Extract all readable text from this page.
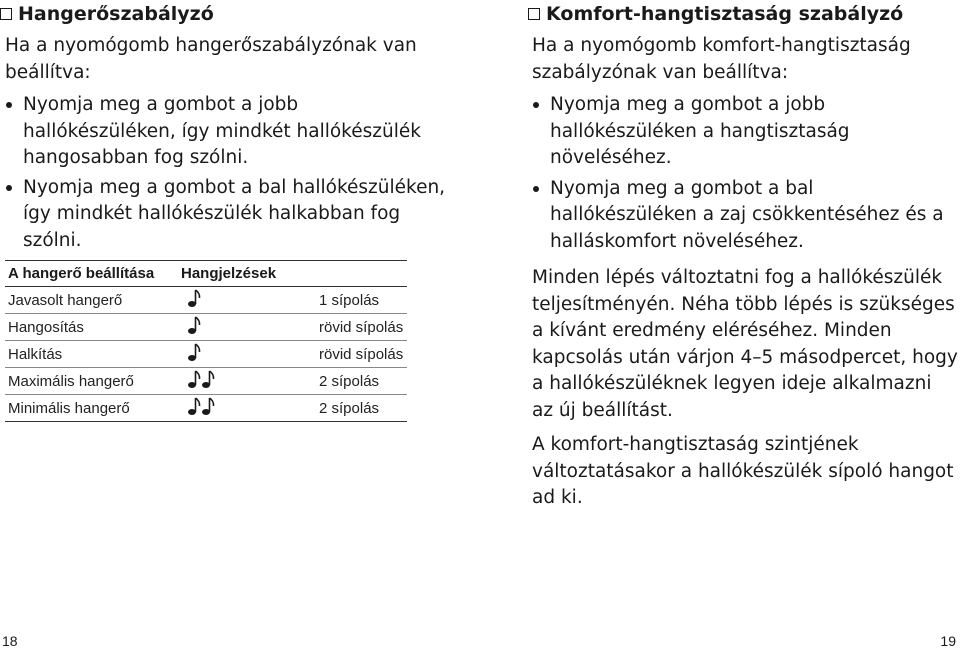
Hangerőszabályzó

Ha a nyomógomb hangerőszabályzónak van beállítva:

Nyomja meg a gombot a jobb hallókészüléken, így mindkét hallókészülék hangosabban fog szólni.
Nyomja meg a gombot a bal hallókészüléken, így mindkét hallókészülék halkabban fog szólni.
A hangerő beállítása	Hangjelzések	
Javasolt hangerő		1 sípolás
Hangosítás		rövid sípolás
Halkítás		rövid sípolás
Maximális hangerő		2 sípolás
Minimális hangerő		2 sípolás
Komfort-hangtisztaság szabályzó

Ha a nyomógomb komfort-hangtisztaság szabályzónak van beállítva:

Nyomja meg a gombot a jobb hallókészüléken a hangtisztaság növeléséhez.
Nyomja meg a gombot a bal hallókészüléken a zaj csökkentéséhez és a halláskomfort növeléséhez.

Minden lépés változtatni fog a hallókészülék teljesítményén. Néha több lépés is szükséges a kívánt eredmény eléréséhez. Minden kapcsolás után várjon 4–5 másodpercet, hogy a hallókészüléknek legyen ideje alkalmazni az új beállítást.

A komfort-hangtisztaság szintjének változtatásakor a hallókészülék sípoló hangot ad ki.

18	19
